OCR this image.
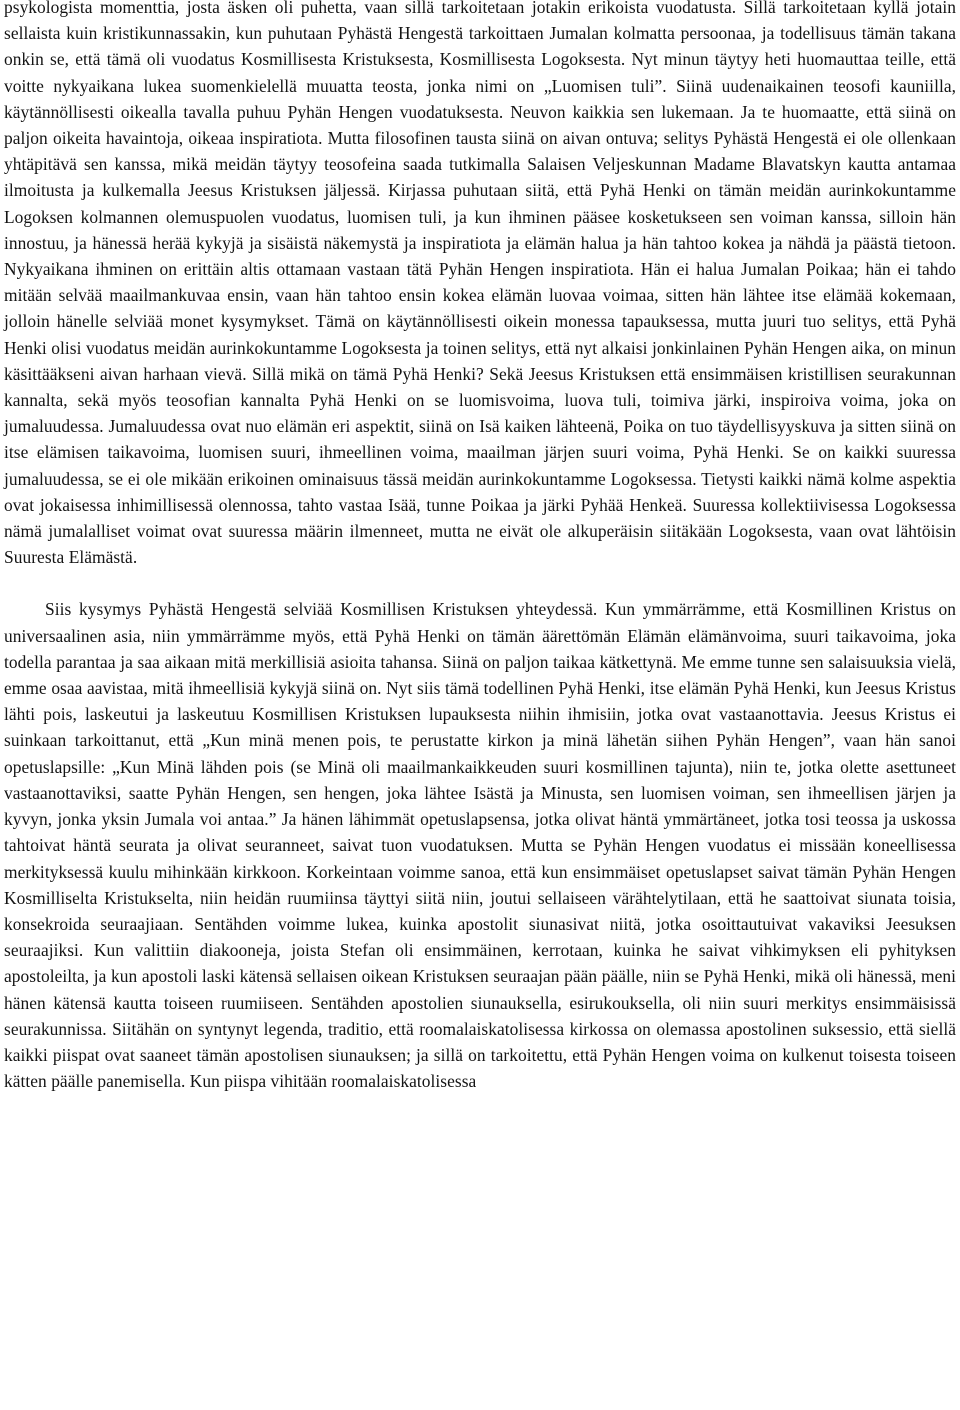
psykologista momenttia, josta äsken oli puhetta, vaan sillä tarkoitetaan jotakin erikoista vuodatusta. Sillä tarkoitetaan kyllä jotain sellaista kuin kristikunnassakin, kun puhutaan Pyhästä Hengestä tarkoittaen Jumalan kolmatta persoonaa, ja todellisuus tämän takana onkin se, että tämä oli vuodatus Kosmillisesta Kristuksesta, Kosmillisesta Logoksesta. Nyt minun täytyy heti huomauttaa teille, että voitte nykyaikana lukea suomenkielellä muuatta teosta, jonka nimi on „Luomisen tuli”. Siinä uudenaikainen teosofi kauniilla, käytännöllisesti oikealla tavalla puhuu Pyhän Hengen vuodatuksesta. Neuvon kaikkia sen lukemaan. Ja te huomaatte, että siinä on paljon oikeita havaintoja, oikeaa inspiratiota. Mutta filosofinen tausta siinä on aivan ontuva; selitys Pyhästä Hengestä ei ole ollenkaan yhtäpitävä sen kanssa, mikä meidän täytyy teosofeina saada tutkimalla Salaisen Veljeskunnan Madame Blavatskyn kautta antamaa ilmoitusta ja kulkemalla Jeesus Kristuksen jäljessä. Kirjassa puhutaan siitä, että Pyhä Henki on tämän meidän aurinkokuntamme Logoksen kolmannen olemuspuolen vuodatus, luomisen tuli, ja kun ihminen pääsee kosketukseen sen voiman kanssa, silloin hän innostuu, ja hänessä herää kykyjä ja sisäistä näkemystä ja inspiratiota ja elämän halua ja hän tahtoo kokea ja nähdä ja päästä tietoon. Nykyaikana ihminen on erittäin altis ottamaan vastaan tätä Pyhän Hengen inspiratiota. Hän ei halua Jumalan Poikaa; hän ei tahdo mitään selvää maailmankuvaa ensin, vaan hän tahtoo ensin kokea elämän luovaa voimaa, sitten hän lähtee itse elämää kokemaan, jolloin hänelle selviää monet kysymykset. Tämä on käytännöllisesti oikein monessa tapauksessa, mutta juuri tuo selitys, että Pyhä Henki olisi vuodatus meidän aurinkokuntamme Logoksesta ja toinen selitys, että nyt alkaisi jonkinlainen Pyhän Hengen aika, on minun käsittääkseni aivan harhaan vievä. Sillä mikä on tämä Pyhä Henki? Sekä Jeesus Kristuksen että ensimmäisen kristillisen seurakunnan kannalta, sekä myös teosofian kannalta Pyhä Henki on se luomisvoima, luova tuli, toimiva järki, inspiroiva voima, joka on jumaluudessa. Jumaluudessa ovat nuo elämän eri aspektit, siinä on Isä kaiken lähteenä, Poika on tuo täydellisyyskuva ja sitten siinä on itse elämisen taikavoima, luomisen suuri, ihmeellinen voima, maailman järjen suuri voima, Pyhä Henki. Se on kaikki suuressa jumaluudessa, se ei ole mikään erikoinen ominaisuus tässä meidän aurinkokuntamme Logoksessa. Tietysti kaikki nämä kolme aspektia ovat jokaisessa inhimillisessä olennossa, tahto vastaa Isää, tunne Poikaa ja järki Pyhää Henkeä. Suuressa kollektiivisessa Logoksessa nämä jumalalliset voimat ovat suuressa määrin ilmenneet, mutta ne eivät ole alkuperäisin siitäkään Logoksesta, vaan ovat lähtöisin Suuresta Elämästä.

Siis kysymys Pyhästä Hengestä selviää Kosmillisen Kristuksen yhteydessä. Kun ymmärrämme, että Kosmillinen Kristus on universaalinen asia, niin ymmärrämme myös, että Pyhä Henki on tämän äärettömän Elämän elämänvoima, suuri taikavoima, joka todella parantaa ja saa aikaan mitä merkillisiä asioita tahansa. Siinä on paljon taikaa kätkettynä. Me emme tunne sen salaisuuksia vielä, emme osaa aavistaa, mitä ihmeellisiä kykyjä siinä on. Nyt siis tämä todellinen Pyhä Henki, itse elämän Pyhä Henki, kun Jeesus Kristus lähti pois, laskeutui ja laskeutuu Kosmillisen Kristuksen lupauksesta niihin ihmisiin, jotka ovat vastaanottavia. Jeesus Kristus ei suinkaan tarkoittanut, että „Kun minä menen pois, te perustatte kirkon ja minä lähetän siihen Pyhän Hengen”, vaan hän sanoi opetuslapsille: „Kun Minä lähden pois (se Minä oli maailmankaikkeuden suuri kosmillinen tajunta), niin te, jotka olette asettuneet vastaanottaviksi, saatte Pyhän Hengen, sen hengen, joka lähtee Isästä ja Minusta, sen luomisen voiman, sen ihmeellisen järjen ja kyvyn, jonka yksin Jumala voi antaa.” Ja hänen lähimmät opetuslapsensa, jotka olivat häntä ymmärtäneet, jotka tosi teossa ja uskossa tahtoivat häntä seurata ja olivat seuranneet, saivat tuon vuodatuksen. Mutta se Pyhän Hengen vuodatus ei missään koneellisessa merkityksessä kuulu mihinkään kirkkoon. Korkeintaan voimme sanoa, että kun ensimmäiset opetuslapset saivat tämän Pyhän Hengen Kosmilliselta Kristukselta, niin heidän ruumiinsa täyttyi siitä niin, joutui sellaiseen värähtelytilaan, että he saattoivat siunata toisia, konsekroida seuraajiaan. Sentähden voimme lukea, kuinka apostolit siunasivat niitä, jotka osoittautuivat vakaviksi Jeesuksen seuraajiksi. Kun valittiin diakooneja, joista Stefan oli ensimmäinen, kerrotaan, kuinka he saivat vihkimyksen eli pyhityksen apostoleilta, ja kun apostoli laski kätensä sellaisen oikean Kristuksen seuraajan pään päälle, niin se Pyhä Henki, mikä oli hänessä, meni hänen kätensä kautta toiseen ruumiiseen. Sentähden apostolien siunauksella, esirukouksella, oli niin suuri merkitys ensimmäisissä seurakunnissa. Siitähän on syntynyt legenda, traditio, että roomalaiskatolisessa kirkossa on olemassa apostolinen suksessio, että siellä kaikki piispat ovat saaneet tämän apostolisen siunauksen; ja sillä on tarkoitettu, että Pyhän Hengen voima on kulkenut toisesta toiseen kätten päälle panemisella. Kun piispa vihitään roomalaiskatolisessa
